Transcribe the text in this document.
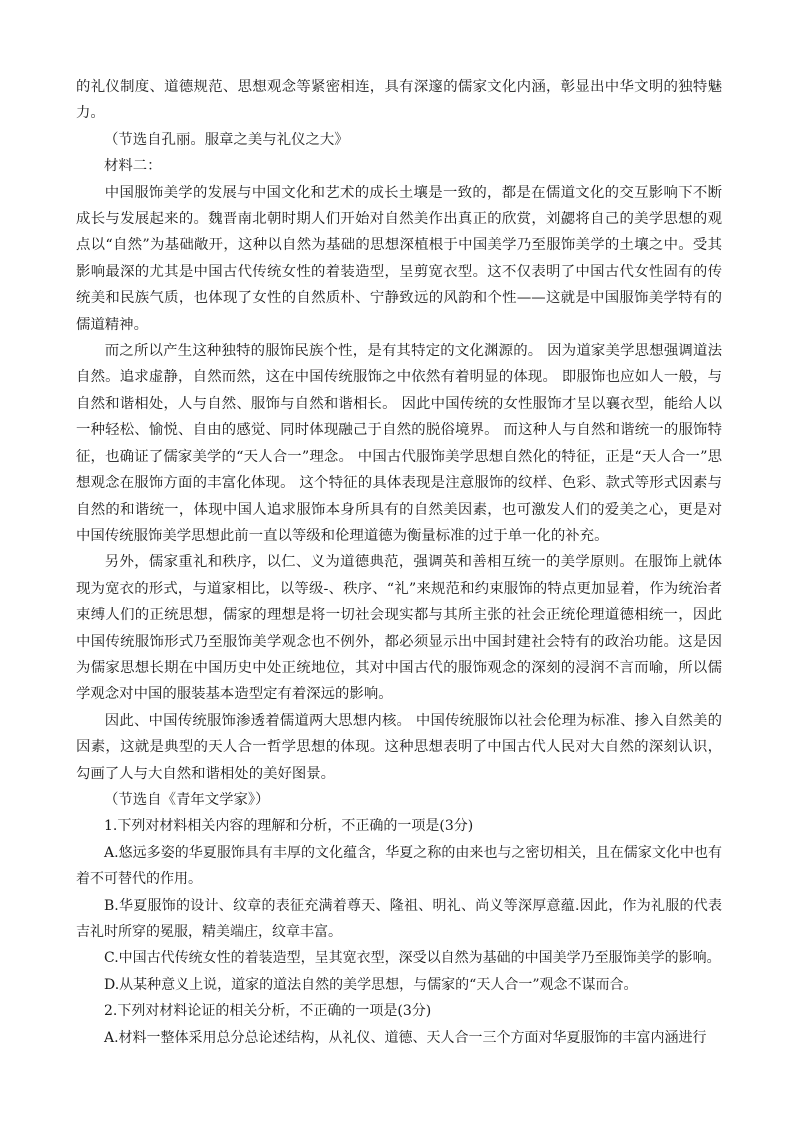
的礼仪制度、道德规范、思想观念等紧密相连，具有深邃的儒家文化内涵，彰显出中华文明的独特魅力。

（节选自孔丽。服章之美与礼仪之大》

材料二：

中国服饰美学的发展与中国文化和艺术的成长土壤是一致的，都是在儒道文化的交互影响下不断成长与发展起来的。魏晋南北朝时期人们开始对自然美作出真正的欣赏，刘勰将自己的美学思想的观点以“自然”为基础敞开，这种以自然为基础的思想深植根于中国美学乃至服饰美学的土壤之中。受其影响最深的尤其是中国古代传统女性的着装造型，呈剪宽衣型。这不仅表明了中国古代女性固有的传统美和民族气质，也体现了女性的自然质朴、宁静致远的风韵和个性——这就是中国服饰美学特有的儒道精神。

而之所以产生这种独特的服饰民族个性，是有其特定的文化渊源的。 因为道家美学思想强调道法自然。追求虚静，自然而然，这在中国传统服饰之中依然有着明显的体现。 即服饰也应如人一般，与自然和谐相处，人与自然、服饰与自然和谐相长。 因此中国传统的女性服饰才呈以襄衣型，能给人以一种轻松、愉悦、自由的感觉、同时体现融己于自然的脱俗境界。 而这种人与自然和谐统一的服饰特征，也确证了儒家美学的“天人合一”理念。 中国古代服饰美学思想自然化的特征，正是“天人合一”思想观念在服饰方面的丰富化体现。 这个特征的具体表现是注意服饰的纹样、色彩、款式等形式因素与自然的和谐统一，体现中国人追求服饰本身所具有的自然美因素，也可激发人们的爱美之心，更是对中国传统服饰美学思想此前一直以等级和伦理道德为衡量标准的过于单一化的补充。

另外，儒家重礼和秩序，以仁、义为道德典范，强调英和善相互统一的美学原则。在服饰上就体现为宽衣的形式，与道家相比，以等级-、秩序、“礼”来规范和约束服饰的特点更加显着，作为统治者束缚人们的正统思想，儒家的理想是将一切社会现实都与其所主张的社会正统伦理道德相统一，因此中国传统服饰形式乃至服饰美学观念也不例外，都必须显示出中国封建社会特有的政治功能。这是因为儒家思想长期在中国历史中处正统地位，其对中国古代的服饰观念的深刻的浸润不言而喻，所以儒学观念对中国的服装基本造型定有着深远的影响。

因此、中国传统服饰渗透着儒道两大思想内核。 中国传统服饰以社会伦理为标准、掺入自然美的因素，这就是典型的天人合一哲学思想的体现。这种思想表明了中国古代人民对大自然的深刻认识，勾画了人与大自然和谐相处的美好图景。

（节选自《青年文学家》）

1.下列对材料相关内容的理解和分析，不正确的一项是(3分)

A.悠远多姿的华夏服饰具有丰厚的文化蕴含，华夏之称的由来也与之密切相关，且在儒家文化中也有着不可替代的作用。

B.华夏服饰的设计、纹章的表征充满着尊天、隆祖、明礼、尚义等深厚意蕴.因此，作为礼服的代表吉礼时所穿的冕服，精美端庄，纹章丰富。

C.中国古代传统女性的着装造型，呈其宽衣型，深受以自然为基础的中国美学乃至服饰美学的影响。

D.从某种意义上说，道家的道法自然的美学思想，与儒家的“天人合一”观念不谋而合。

2.下列对材料论证的相关分析，不正确的一项是(3分)

A.材料一整体采用总分总论述结构，从礼仪、道德、天人合一三个方面对华夏服饰的丰富内涵进行
